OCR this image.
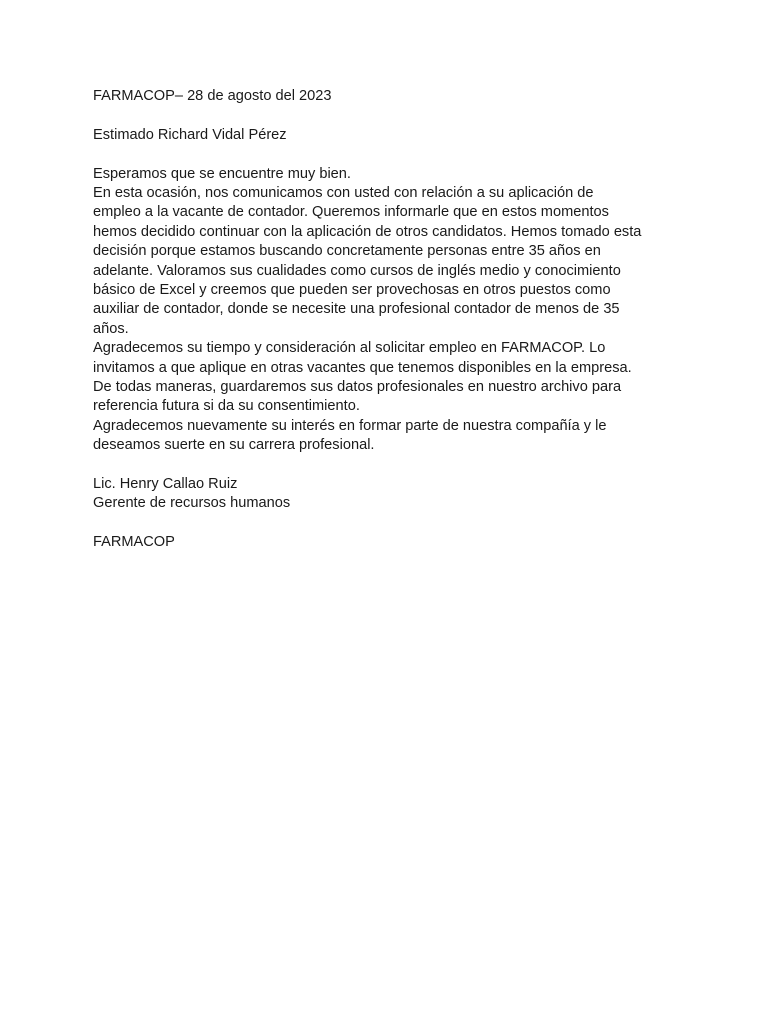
FARMACOP– 28 de agosto del 2023

Estimado Richard Vidal Pérez

Esperamos que se encuentre muy bien.

En esta ocasión, nos comunicamos con usted con relación a su aplicación de

empleo a la vacante de contador. Queremos informarle que en estos momentos

hemos decidido continuar con la aplicación de otros candidatos. Hemos tomado esta

decisión porque estamos buscando concretamente personas entre 35 años en

adelante. Valoramos sus cualidades como cursos de inglés medio y conocimiento

básico de Excel y creemos que pueden ser provechosas en otros puestos como

auxiliar de contador, donde se necesite una profesional contador de menos de 35

años.

Agradecemos su tiempo y consideración al solicitar empleo en FARMACOP. Lo

invitamos a que aplique en otras vacantes que tenemos disponibles en la empresa.

De todas maneras, guardaremos sus datos profesionales en nuestro archivo para

referencia futura si da su consentimiento.

Agradecemos nuevamente su interés en formar parte de nuestra compañía y le

deseamos suerte en su carrera profesional.

Lic. Henry Callao Ruiz

Gerente de recursos humanos

FARMACOP
